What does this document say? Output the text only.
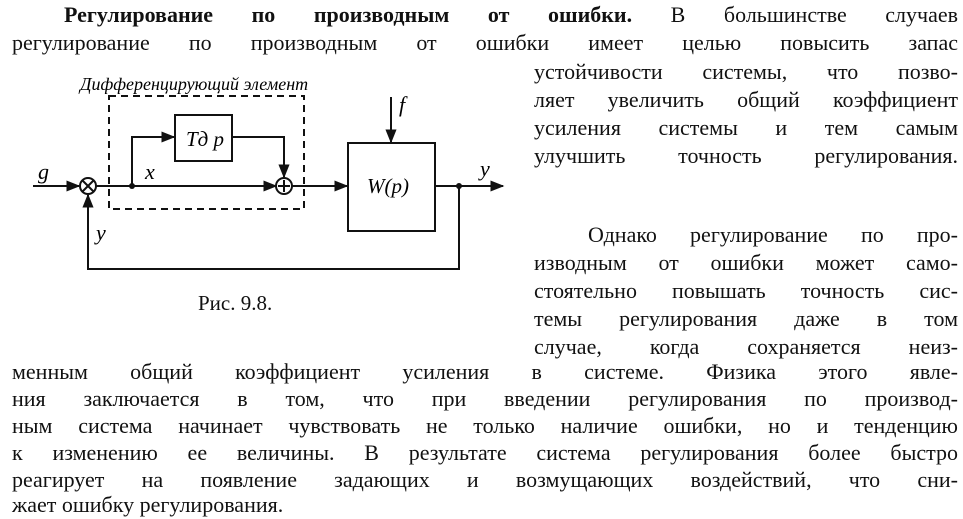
Регулирование по производным от ошибки. В большинстве случаев
регулирование по производным от ошибки имеет целью повысить запас
устойчивости системы, что позво-
ляет увеличить общий коэффициент
усиления системы и тем самым
улучшить точность регулирования.
Однако регулирование по про-
изводным от ошибки может само-
стоятельно повышать точность сис-
темы регулирования даже в том
случае, когда сохраняется неиз-
менным общий коэффициент усиления в системе. Физика этого явле-
ния заключается в том, что при введении регулирования по производ-
ным система начинает чувствовать не только наличие ошибки, но и тенденцию
к изменению ее величины. В результате система регулирования более быстро
реагирует на появление задающих и возмущающих воздействий, что сни-
жает ошибку регулирования.
Дифференцирующий элемент
g	x
Tд p
W(p)
f
y
y
Рис. 9.8.
